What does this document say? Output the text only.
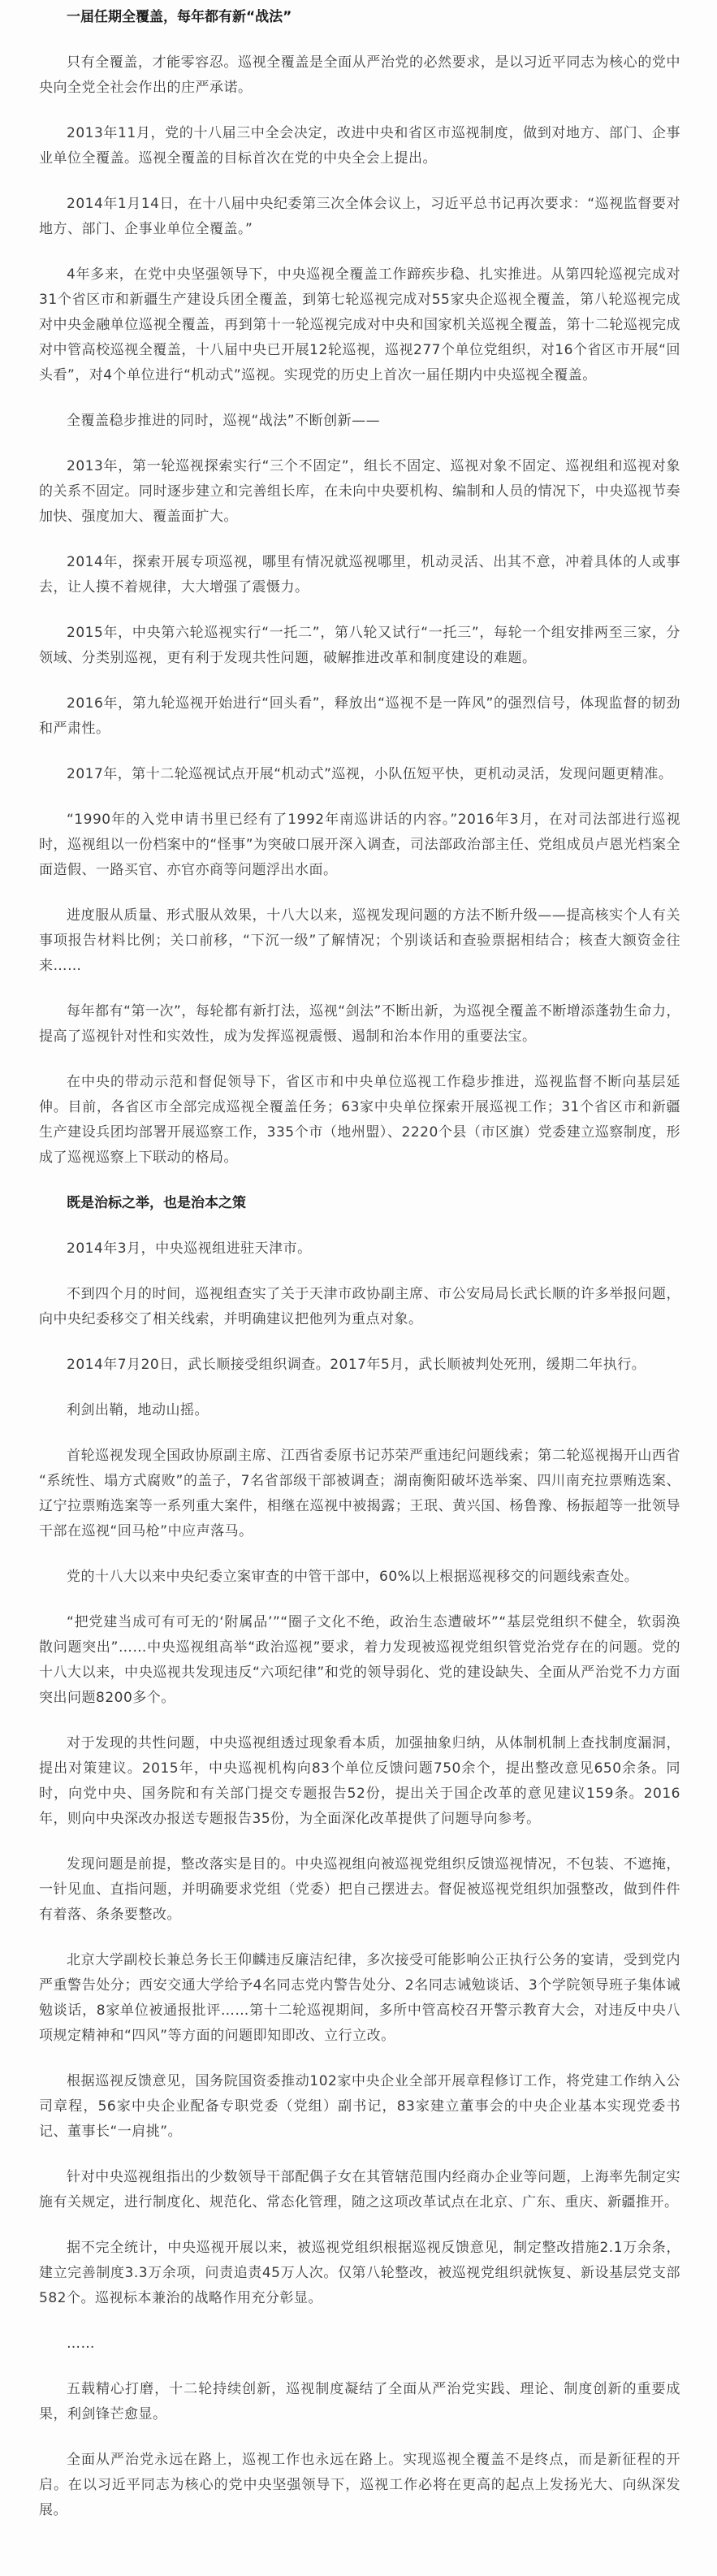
一届任期全覆盖，每年都有新“战法”

只有全覆盖，才能零容忍。巡视全覆盖是全面从严治党的必然要求，是以习近平同志为核心的党中央向全党全社会作出的庄严承诺。

2013年11月，党的十八届三中全会决定，改进中央和省区市巡视制度，做到对地方、部门、企事业单位全覆盖。巡视全覆盖的目标首次在党的中央全会上提出。

2014年1月14日，在十八届中央纪委第三次全体会议上，习近平总书记再次要求：“巡视监督要对地方、部门、企事业单位全覆盖。”

4年多来，在党中央坚强领导下，中央巡视全覆盖工作蹄疾步稳、扎实推进。从第四轮巡视完成对31个省区市和新疆生产建设兵团全覆盖，到第七轮巡视完成对55家央企巡视全覆盖，第八轮巡视完成对中央金融单位巡视全覆盖，再到第十一轮巡视完成对中央和国家机关巡视全覆盖，第十二轮巡视完成对中管高校巡视全覆盖，十八届中央已开展12轮巡视，巡视277个单位党组织，对16个省区市开展“回头看”，对4个单位进行“机动式”巡视。实现党的历史上首次一届任期内中央巡视全覆盖。

全覆盖稳步推进的同时，巡视“战法”不断创新——

2013年，第一轮巡视探索实行“三个不固定”，组长不固定、巡视对象不固定、巡视组和巡视对象的关系不固定。同时逐步建立和完善组长库，在未向中央要机构、编制和人员的情况下，中央巡视节奏加快、强度加大、覆盖面扩大。

2014年，探索开展专项巡视，哪里有情况就巡视哪里，机动灵活、出其不意，冲着具体的人或事去，让人摸不着规律，大大增强了震慑力。

2015年，中央第六轮巡视实行“一托二”，第八轮又试行“一托三”，每轮一个组安排两至三家，分领域、分类别巡视，更有利于发现共性问题，破解推进改革和制度建设的难题。

2016年，第九轮巡视开始进行“回头看”，释放出“巡视不是一阵风”的强烈信号，体现监督的韧劲和严肃性。

2017年，第十二轮巡视试点开展“机动式”巡视，小队伍短平快，更机动灵活，发现问题更精准。

“1990年的入党申请书里已经有了1992年南巡讲话的内容。”2016年3月，在对司法部进行巡视时，巡视组以一份档案中的“怪事”为突破口展开深入调查，司法部政治部主任、党组成员卢恩光档案全面造假、一路买官、亦官亦商等问题浮出水面。

进度服从质量、形式服从效果，十八大以来，巡视发现问题的方法不断升级——提高核实个人有关事项报告材料比例；关口前移，“下沉一级”了解情况；个别谈话和查验票据相结合；核查大额资金往来……

每年都有“第一次”，每轮都有新打法，巡视“剑法”不断出新，为巡视全覆盖不断增添蓬勃生命力，提高了巡视针对性和实效性，成为发挥巡视震慑、遏制和治本作用的重要法宝。

在中央的带动示范和督促领导下，省区市和中央单位巡视工作稳步推进，巡视监督不断向基层延伸。目前，各省区市全部完成巡视全覆盖任务；63家中央单位探索开展巡视工作；31个省区市和新疆生产建设兵团均部署开展巡察工作，335个市（地州盟）、2220个县（市区旗）党委建立巡察制度，形成了巡视巡察上下联动的格局。

既是治标之举，也是治本之策

2014年3月，中央巡视组进驻天津市。

不到四个月的时间，巡视组查实了关于天津市政协副主席、市公安局局长武长顺的许多举报问题，向中央纪委移交了相关线索，并明确建议把他列为重点对象。

2014年7月20日，武长顺接受组织调查。2017年5月，武长顺被判处死刑，缓期二年执行。

利剑出鞘，地动山摇。

首轮巡视发现全国政协原副主席、江西省委原书记苏荣严重违纪问题线索；第二轮巡视揭开山西省“系统性、塌方式腐败”的盖子，7名省部级干部被调查；湖南衡阳破坏选举案、四川南充拉票贿选案、辽宁拉票贿选案等一系列重大案件，相继在巡视中被揭露；王珉、黄兴国、杨鲁豫、杨振超等一批领导干部在巡视“回马枪”中应声落马。

党的十八大以来中央纪委立案审查的中管干部中，60%以上根据巡视移交的问题线索查处。

“把党建当成可有可无的‘附属品’”“圈子文化不绝，政治生态遭破坏”“基层党组织不健全，软弱涣散问题突出”……中央巡视组高举“政治巡视”要求，着力发现被巡视党组织管党治党存在的问题。党的十八大以来，中央巡视共发现违反“六项纪律”和党的领导弱化、党的建设缺失、全面从严治党不力方面突出问题8200多个。

对于发现的共性问题，中央巡视组透过现象看本质，加强抽象归纳，从体制机制上查找制度漏洞，提出对策建议。2015年，中央巡视机构向83个单位反馈问题750余个，提出整改意见650余条。同时，向党中央、国务院和有关部门提交专题报告52份，提出关于国企改革的意见建议159条。2016年，则向中央深改办报送专题报告35份，为全面深化改革提供了问题导向参考。

发现问题是前提，整改落实是目的。中央巡视组向被巡视党组织反馈巡视情况，不包装、不遮掩，一针见血、直指问题，并明确要求党组（党委）把自己摆进去。督促被巡视党组织加强整改，做到件件有着落、条条要整改。

北京大学副校长兼总务长王仰麟违反廉洁纪律，多次接受可能影响公正执行公务的宴请，受到党内严重警告处分；西安交通大学给予4名同志党内警告处分、2名同志诫勉谈话、3个学院领导班子集体诫勉谈话，8家单位被通报批评……第十二轮巡视期间，多所中管高校召开警示教育大会，对违反中央八项规定精神和“四风”等方面的问题即知即改、立行立改。

根据巡视反馈意见，国务院国资委推动102家中央企业全部开展章程修订工作，将党建工作纳入公司章程，56家中央企业配备专职党委（党组）副书记，83家建立董事会的中央企业基本实现党委书记、董事长“一肩挑”。

针对中央巡视组指出的少数领导干部配偶子女在其管辖范围内经商办企业等问题，上海率先制定实施有关规定，进行制度化、规范化、常态化管理，随之这项改革试点在北京、广东、重庆、新疆推开。

据不完全统计，中央巡视开展以来，被巡视党组织根据巡视反馈意见，制定整改措施2.1万余条，建立完善制度3.3万余项，问责追责45万人次。仅第八轮整改，被巡视党组织就恢复、新设基层党支部582个。巡视标本兼治的战略作用充分彰显。

……

五载精心打磨，十二轮持续创新，巡视制度凝结了全面从严治党实践、理论、制度创新的重要成果，利剑锋芒愈显。

全面从严治党永远在路上，巡视工作也永远在路上。实现巡视全覆盖不是终点，而是新征程的开启。在以习近平同志为核心的党中央坚强领导下，巡视工作必将在更高的起点上发扬光大、向纵深发展。
